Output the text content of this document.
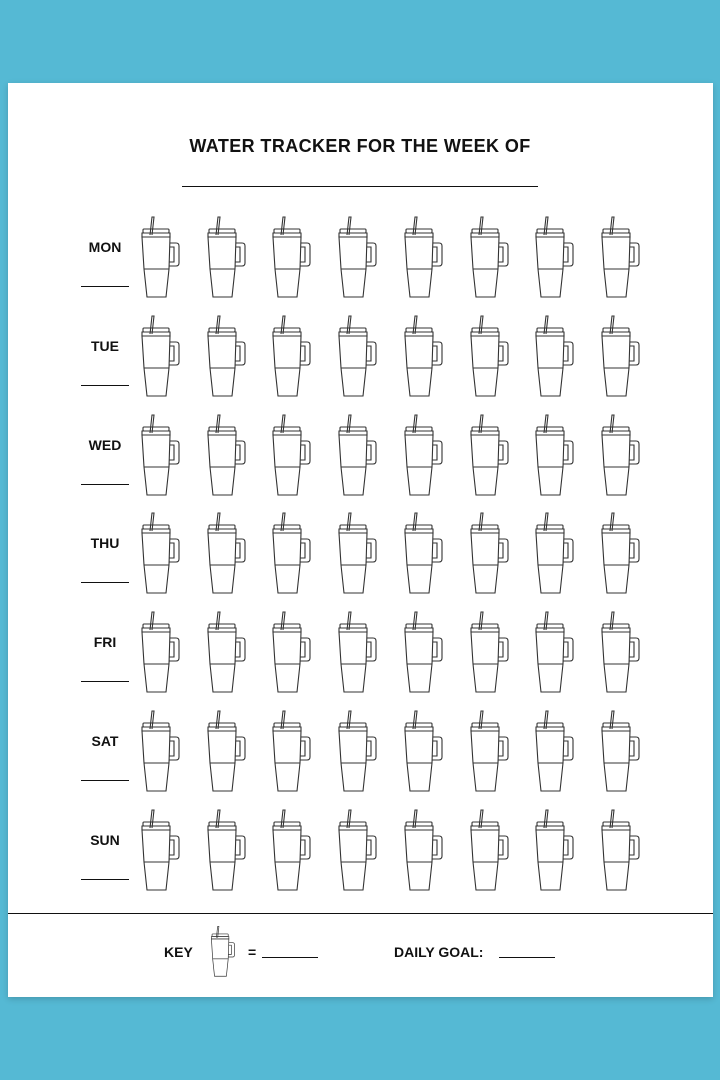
WATER TRACKER FOR THE WEEK OF
MON
TUE
WED
THU
FRI
SAT
SUN
KEY	=	DAILY GOAL:
